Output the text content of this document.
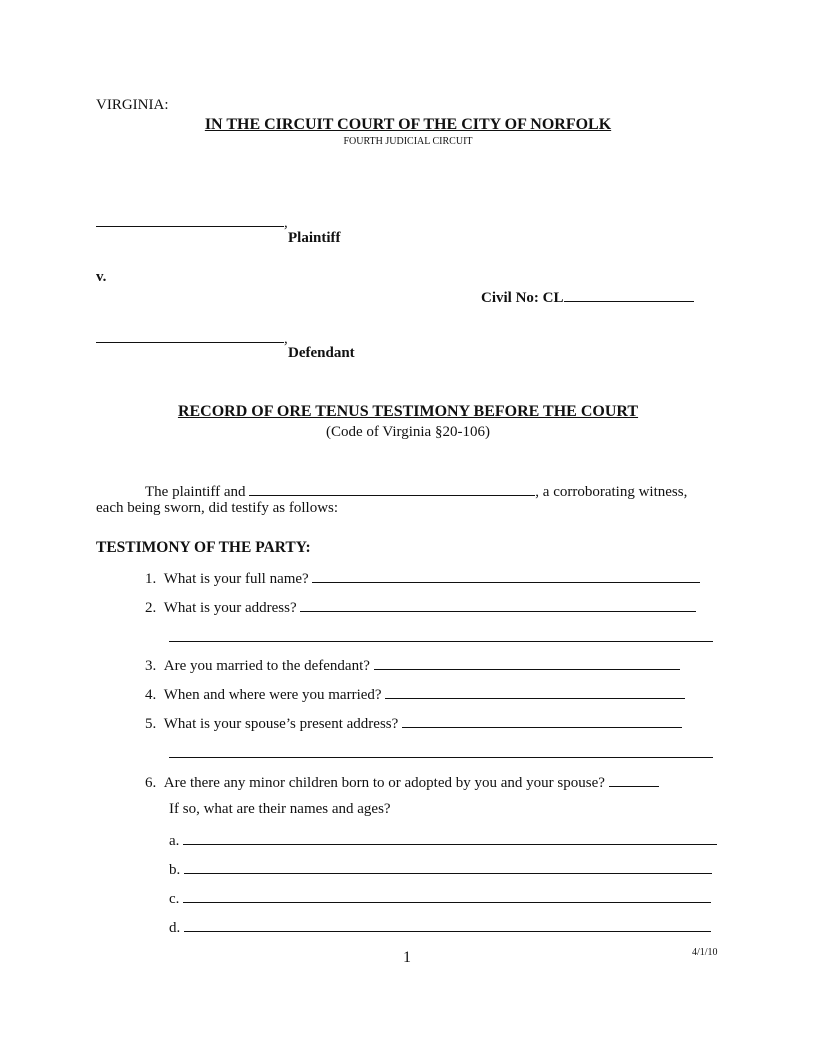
VIRGINIA:
IN THE CIRCUIT COURT OF THE CITY OF NORFOLK
FOURTH JUDICIAL CIRCUIT
,
Plaintiff
v.
Civil No: CL
,
Defendant
RECORD OF ORE TENUS TESTIMONY BEFORE THE COURT
(Code of Virginia §20-106)
The plaintiff and	, a corroborating witness,
each being sworn, did testify as follows:
TESTIMONY OF THE PARTY:
1. What is your full name?
2. What is your address?
3. Are you married to the defendant?
4. When and where were you married?
5. What is your spouse’s present address?
6. Are there any minor children born to or adopted by you and your spouse?
If so, what are their names and ages?
a.
b.
c.
d.
1	4/1/10
